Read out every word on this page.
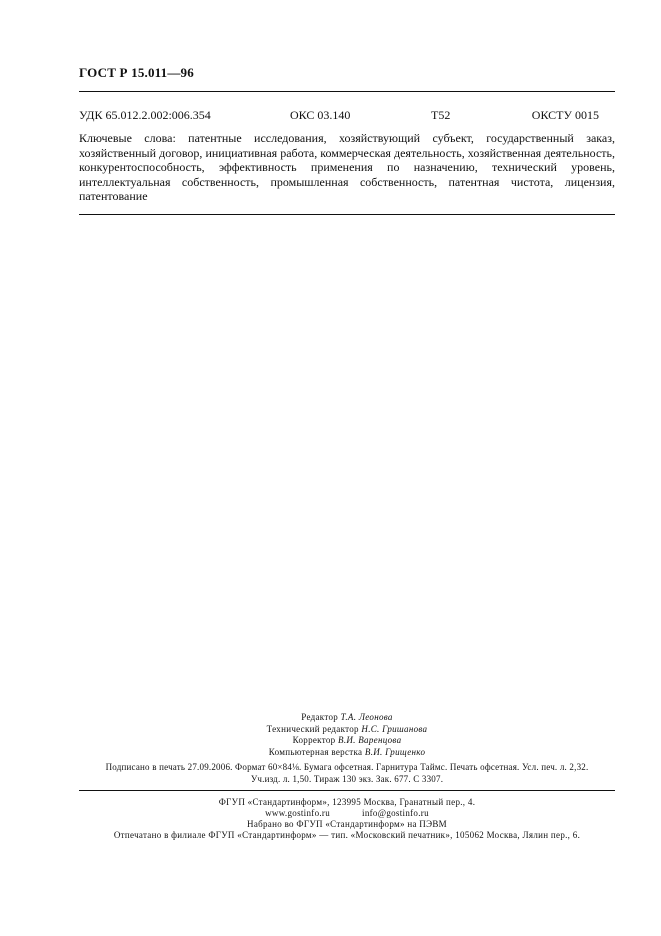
ГОСТ Р 15.011—96
УДК 65.012.2.002:006.354	ОКС 03.140	Т52	ОКСТУ 0015
Ключевые слова: патентные исследования, хозяйствующий субъект, государственный заказ, хозяйственный договор, инициативная работа, коммерческая деятельность, хозяйственная деятельность, конкурентоспособность, эффективность применения по назначению, технический уровень, интеллектуальная собственность, промышленная собственность, патентная чистота, лицензия, патентование
Редактор Т.А. Леонова
Технический редактор Н.С. Гришанова
Корректор В.И. Варенцова
Компьютерная верстка В.И. Грищенко
Подписано в печать 27.09.2006. Формат 60×84⅛. Бумага офсетная. Гарнитура Таймс. Печать офсетная. Усл. печ. л. 2,32.
Уч.изд. л. 1,50. Тираж 130 экз. Зак. 677. С 3307.
ФГУП «Стандартинформ», 123995 Москва, Гранатный пер., 4.
www.gostinfo.ru	info@gostinfo.ru
Набрано во ФГУП «Стандартинформ» на ПЭВМ
Отпечатано в филиале ФГУП «Стандартинформ» — тип. «Московский печатник», 105062 Москва, Лялин пер., 6.
